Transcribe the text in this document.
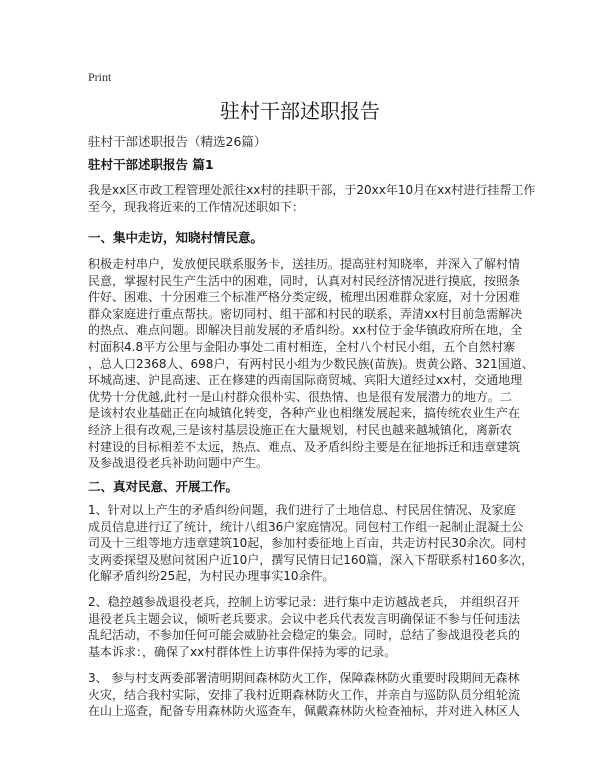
Print
驻村干部述职报告
驻村干部述职报告（精选26篇）
驻村干部述职报告 篇1
我是xx区市政工程管理处派往xx村的挂职干部，于20xx年10月在xx村进行挂帮工作
至今，现我将近来的工作情况述职如下：
一、集中走访，知晓村情民意。
积极走村串户，发放便民联系服务卡，送挂历。提高驻村知晓率，并深入了解村情
民意，掌握村民生产生活中的困难，同时，认真对村民经济情况进行摸底，按照条
件好、困难、十分困难三个标准严格分类定级，梳理出困难群众家庭，对十分困难
群众家庭进行重点帮扶。密切同村、组干部和村民的联系，弄清xx村目前急需解决
的热点、难点问题。即解决目前发展的矛盾纠纷。xx村位于金华镇政府所在地，全
村面积4.8平方公里与金阳办事处二甫村相连，全村八个村民小组，五个自然村寨
，总人口2368人、698户，有两村民小组为少数民族(苗族)。贵黄公路、321国道、
环城高速、沪昆高速、正在修建的西南国际商贸城、宾阳大道经过xx村，交通地理
优势十分优越,此村一是山村群众很朴实、很热情、也是很有发展潜力的地方。二
是该村农业基础正在向城镇化转变，各种产业也相继发展起来，搞传统农业生产在
经济上很有改观,三是该村基层设施正在大量规划，村民也越来越城镇化，离新农
村建设的目标相差不太远，热点、难点、及矛盾纠纷主要是在征地拆迁和违章建筑
及参战退役老兵补助问题中产生。
二、真对民意、开展工作。
1、针对以上产生的矛盾纠纷问题，我们进行了土地信息、村民居住情况、及家庭
成员信息进行辽了统计，统计八组36户家庭情况。同包村工作组一起制止混凝土公
司及十三组等地方违章建筑10起，参加村委征地上百亩，共走访村民30余次。同村
支两委探望及慰问贫困户近10户，撰写民情日记160篇，深入下帮联系村160多次，
化解矛盾纠纷25起，为村民办理事实10余件。
2、稳控越参战退役老兵，控制上访零记录：进行集中走访越战老兵， 并组织召开
退役老兵主题会议，倾听老兵要求。会议中老兵代表发言明确保证不参与任何违法
乱纪活动，不参加任何可能会威胁社会稳定的集会。同时，总结了参战退役老兵的
基本诉求：，确保了xx村群体性上访事件保持为零的记录。
3、 参与村支两委部署清明期间森林防火工作，保障森林防火重要时段期间无森林
火灾，结合我村实际，安排了我村近期森林防火工作，并亲自与巡防队员分组轮流
在山上巡查，配备专用森林防火巡查车，佩戴森林防火检查袖标，并对进入林区人
